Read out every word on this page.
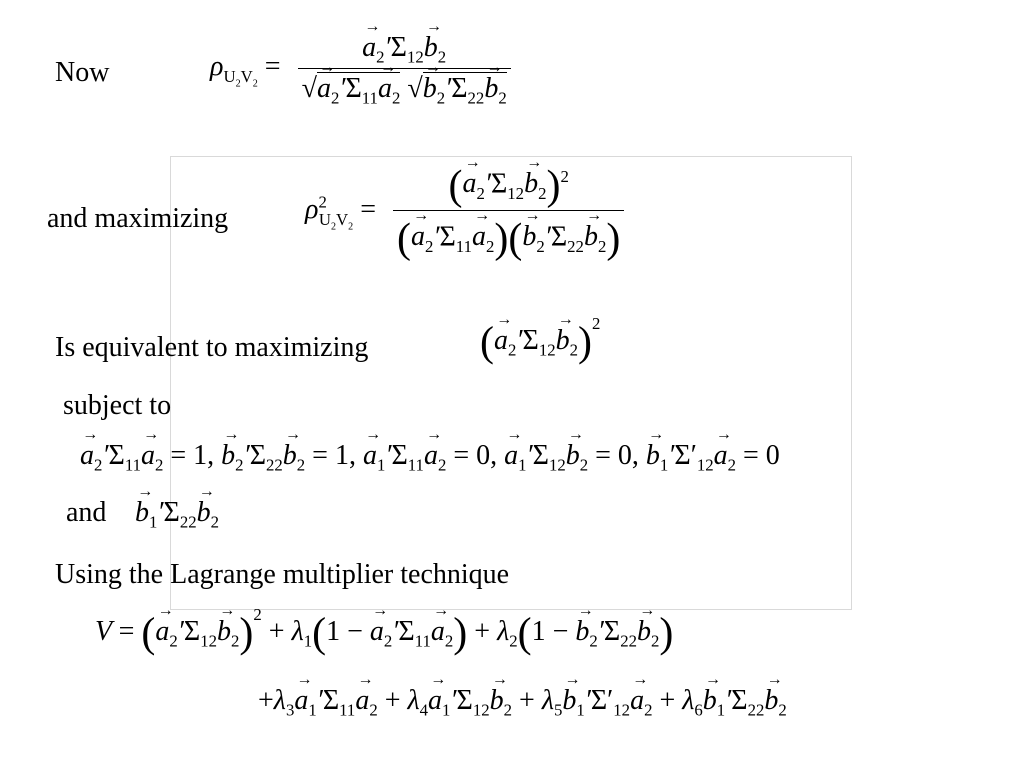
Now	$\rho_{U_2V_2}$ = → $\frac{a_2'\Sigma_{12}\to b_2}{√\to a_2'\Sigma_{11}\to a_2 √\to b_2'\Sigma_{22}\to b_2}$
and maximizing	$\rho^2_{U_2V_2} = \frac{(\to a_2'\Sigma_{12}\to b_2)^2}{(\to a_2'\Sigma_{11}\to a_2)(\to b_2'\Sigma_{22}\to b_2)}$
Is equivalent to maximizing	(→ $a_2'\Sigma_{12}\to b_2)^2$
subject to
→ $a_2'\Sigma_{11}\to a_2 = 1$, → $b_2'\Sigma_{22}\to b_2 = 1$, → $a_1'\Sigma_{11}\to a_2 = 0$, → $a_1'\Sigma_{12}\to b_2 = 0$, → $b_1'\Sigma'_{12}\to a_2 = 0$
and → $b_1'\Sigma_{22}\to b_2$
Using the Lagrange multiplier technique
V = (→ $a_2'\Sigma_{12}\to b_2)^2 + \lambda_1(1$ − → $a_2'\Sigma_{11}\to a_2) + \lambda_2(1$ − → $b_2'\Sigma_{22}\to b_2$)
$+\lambda_3\to a_1'\Sigma_{11}\to a_2 + \lambda_4\to a_1'\Sigma_{12}\to b_2 + \lambda_5\to b_1'\Sigma'_{12}\to a_2 + \lambda_6\to b_1'\Sigma_{22}\to b_2$
